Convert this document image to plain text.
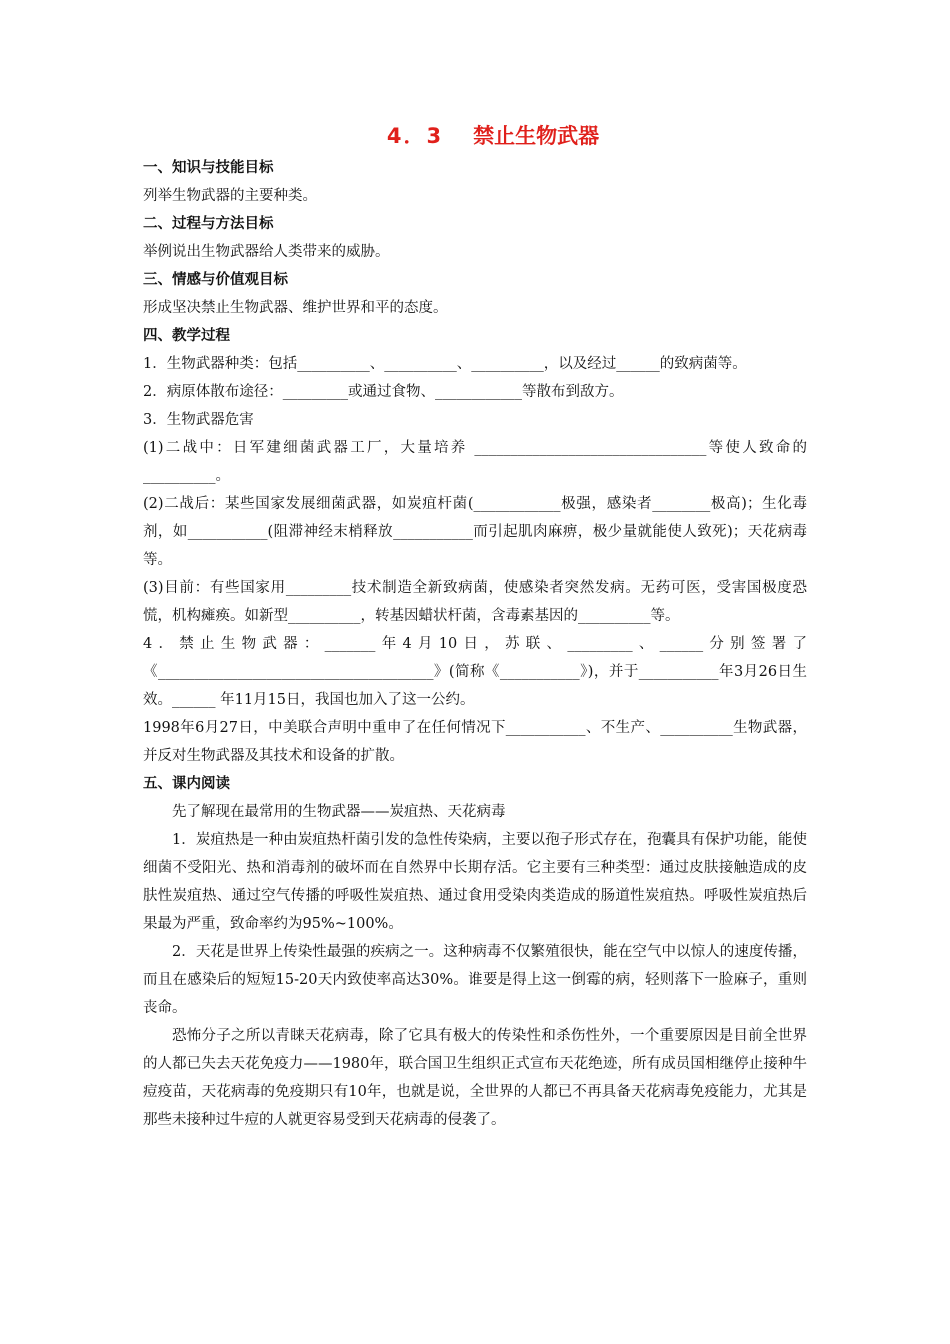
4．3 禁止生物武器
一、知识与技能目标
列举生物武器的主要种类。
二、过程与方法目标
举例说出生物武器给人类带来的威胁。
三、情感与价值观目标
形成坚决禁止生物武器、维护世界和平的态度。
四、教学过程
1．生物武器种类：包括__________、__________、__________，以及经过______的致病菌等。
2．病原体散布途径：_________或通过食物、____________等散布到敌方。
3．生物武器危害
(1)二战中：日军建细菌武器工厂，大量培养 ________________________________等使人致命的__________。
(2)二战后：某些国家发展细菌武器，如炭疽杆菌(____________极强，感染者________极高)；生化毒剂，如___________(阻滞神经末梢释放___________而引起肌肉麻痹，极少量就能使人致死)；天花病毒等。
(3)目前：有些国家用_________技术制造全新致病菌，使感染者突然发病。无药可医，受害国极度恐慌，机构瘫痪。如新型__________，转基因蜡状杆菌，含毒素基因的__________等。
4．禁止生物武器：_______年4月10日，苏联、_________、______分别签署了《______________________________________》(简称《___________》)，并于___________年3月26日生效。______ 年11月15日，我国也加入了这一公约。
1998年6月27日，中美联合声明中重申了在任何情况下___________、不生产、__________生物武器，并反对生物武器及其技术和设备的扩散。
五、课内阅读
先了解现在最常用的生物武器——炭疽热、天花病毒
1．炭疽热是一种由炭疽热杆菌引发的急性传染病，主要以孢子形式存在，孢囊具有保护功能，能使细菌不受阳光、热和消毒剂的破坏而在自然界中长期存活。它主要有三种类型：通过皮肤接触造成的皮肤性炭疽热、通过空气传播的呼吸性炭疽热、通过食用受染肉类造成的肠道性炭疽热。呼吸性炭疽热后果最为严重，致命率约为95%~100%。
2．天花是世界上传染性最强的疾病之一。这种病毒不仅繁殖很快，能在空气中以惊人的速度传播，而且在感染后的短短15-20天内致使率高达30%。谁要是得上这一倒霉的病，轻则落下一脸麻子，重则丧命。
恐怖分子之所以青睐天花病毒，除了它具有极大的传染性和杀伤性外，一个重要原因是目前全世界的人都已失去天花免疫力——1980年，联合国卫生组织正式宣布天花绝迹，所有成员国相继停止接种牛痘疫苗，天花病毒的免疫期只有10年，也就是说，全世界的人都已不再具备天花病毒免疫能力，尤其是那些未接种过牛痘的人就更容易受到天花病毒的侵袭了。
